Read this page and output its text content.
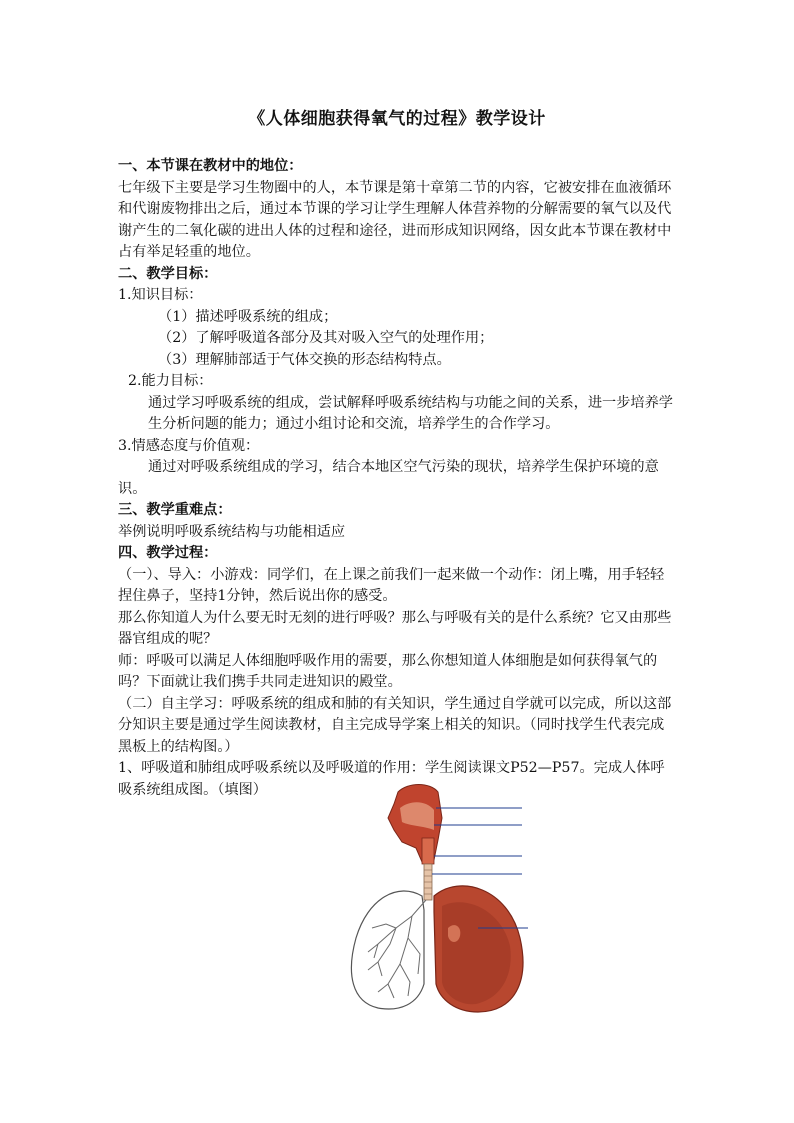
《人体细胞获得氧气的过程》教学设计

一、本节课在教材中的地位：

七年级下主要是学习生物圈中的人，本节课是第十章第二节的内容，它被安排在血液循环和代谢废物排出之后，通过本节课的学习让学生理解人体营养物的分解需要的氧气以及代谢产生的二氧化碳的进出人体的过程和途径，进而形成知识网络，因女此本节课在教材中占有举足轻重的地位。

二、教学目标：

1.知识目标：

（1）描述呼吸系统的组成；

（2）了解呼吸道各部分及其对吸入空气的处理作用；

（3）理解肺部适于气体交换的形态结构特点。

2.能力目标：

通过学习呼吸系统的组成，尝试解释呼吸系统结构与功能之间的关系，进一步培养学生分析问题的能力；通过小组讨论和交流，培养学生的合作学习。

3.情感态度与价值观：

通过对呼吸系统组成的学习，结合本地区空气污染的现状，培养学生保护环境的意识。

三、教学重难点：

举例说明呼吸系统结构与功能相适应

四、教学过程：

（一）、导入：小游戏：同学们，在上课之前我们一起来做一个动作：闭上嘴，用手轻轻捏住鼻子，坚持1分钟，然后说出你的感受。

那么你知道人为什么要无时无刻的进行呼吸？那么与呼吸有关的是什么系统？它又由那些器官组成的呢？

师：呼吸可以满足人体细胞呼吸作用的需要，那么你想知道人体细胞是如何获得氧气的吗？下面就让我们携手共同走进知识的殿堂。

（二）自主学习：呼吸系统的组成和肺的有关知识，学生通过自学就可以完成，所以这部分知识主要是通过学生阅读教材，自主完成导学案上相关的知识。（同时找学生代表完成黑板上的结构图。）

1、呼吸道和肺组成呼吸系统以及呼吸道的作用：学生阅读课文P52—P57。完成人体呼吸系统组成图。（填图）
